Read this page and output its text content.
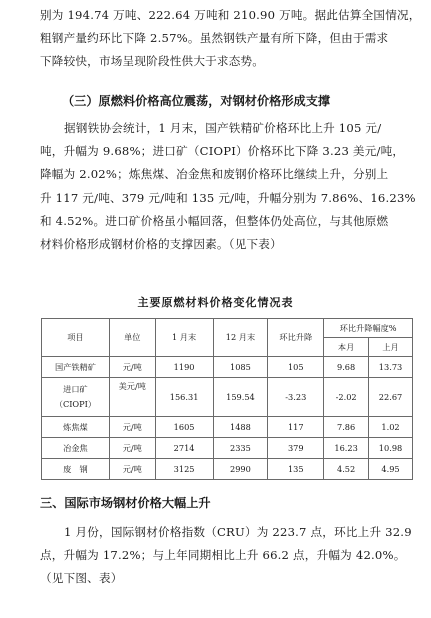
别为 194.74 万吨、222.64 万吨和 210.90 万吨。据此估算全国情况，
粗钢产量约环比下降 2.57%。虽然钢铁产量有所下降，但由于需求
下降较快，市场呈现阶段性供大于求态势。
（三）原燃料价格高位震荡，对钢材价格形成支撑
据钢铁协会统计，1 月末，国产铁精矿价格环比上升 105 元/
吨，升幅为 9.68%；进口矿（CIOPI）价格环比下降 3.23 美元/吨，
降幅为 2.02%；炼焦煤、冶金焦和废钢价格环比继续上升，分别上
升 117 元/吨、379 元/吨和 135 元/吨，升幅分别为 7.86%、16.23%
和 4.52%。进口矿价格虽小幅回落，但整体仍处高位，与其他原燃
材料价格形成钢材价格的支撑因素。（见下表）
主要原燃材料价格变化情况表
项目	单位	1 月末	12 月末	环比升降	环比升降幅度%	
					本月	上月
国产铁精矿	元/吨	1190	1085	105	9.68	13.73
进口矿
（CIOPI）	美元/吨	156.31	159.54	-3.23	-2.02	22.67
炼焦煤	元/吨	1605	1488	117	7.86	1.02
冶金焦	元/吨	2714	2335	379	16.23	10.98
废　钢	元/吨	3125	2990	135	4.52	4.95
三、国际市场钢材价格大幅上升
1 月份，国际钢材价格指数（CRU）为 223.7 点，环比上升 32.9
点，升幅为 17.2%；与上年同期相比上升 66.2 点，升幅为 42.0%。
（见下图、表）
